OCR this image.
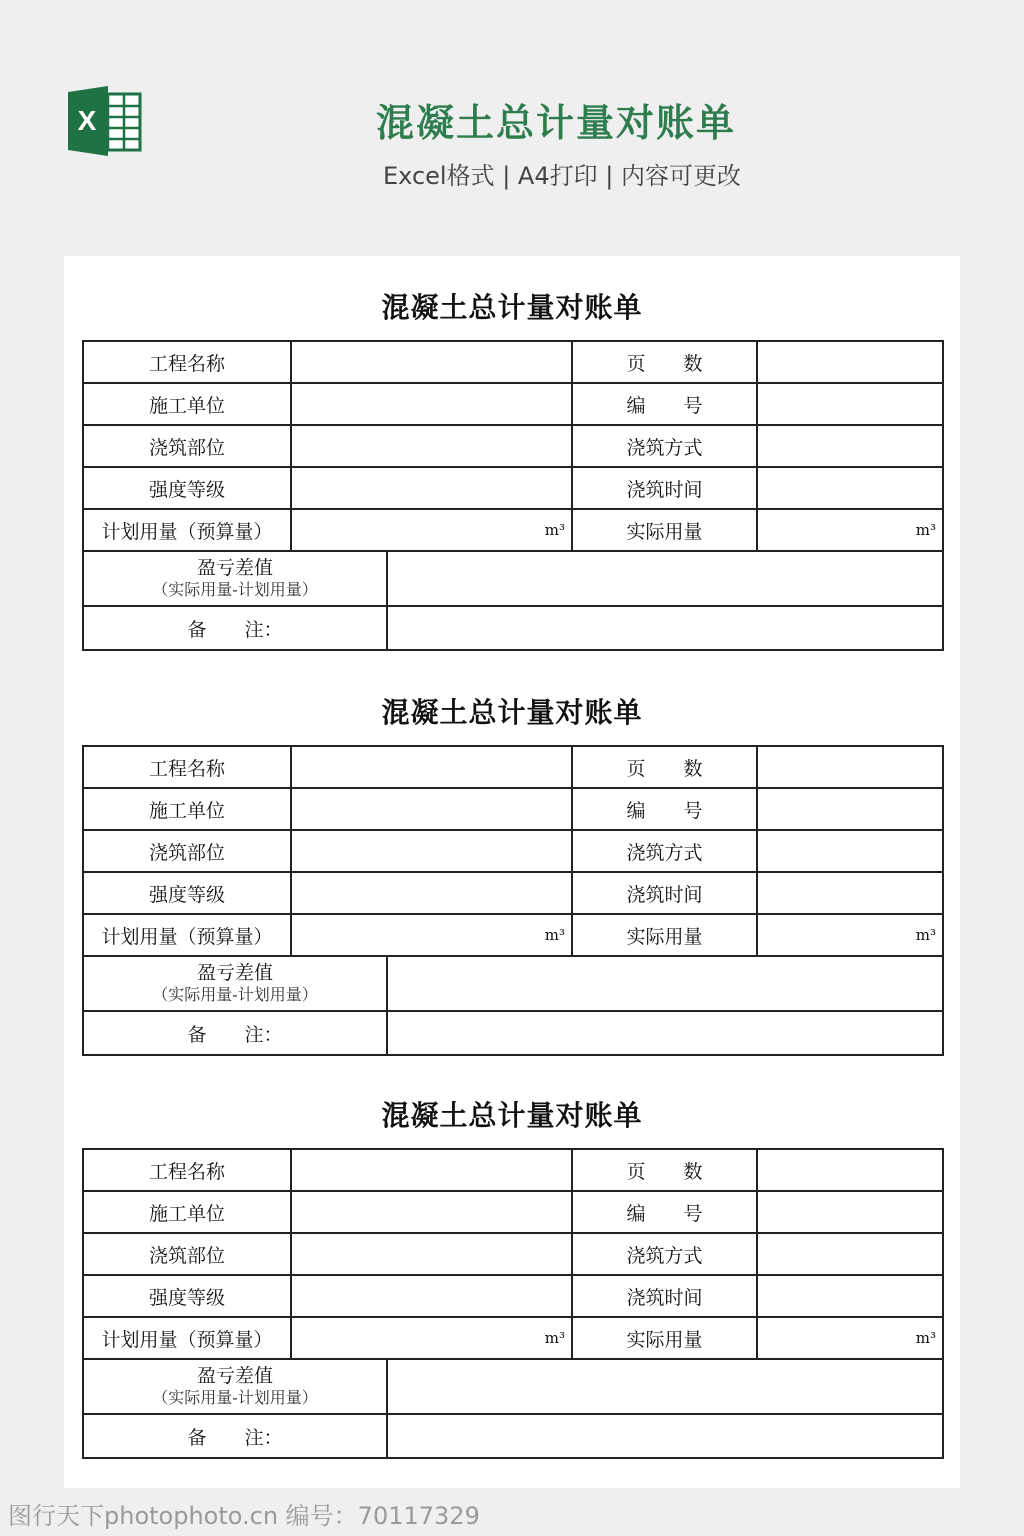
X	混凝土总计量对账单
Excel格式 | A4打印 | 内容可更改
混凝土总计量对账单
工程名称			页　　数	
施工单位			编　　号	
浇筑部位			浇筑方式	
强度等级			浇筑时间	
计划用量（预算量）	m³		实际用量	m³

盈亏差值
（实际用量-计划用量）				

备　　注：				
混凝土总计量对账单
工程名称			页　　数	
施工单位			编　　号	
浇筑部位			浇筑方式	
强度等级			浇筑时间	
计划用量（预算量）	m³		实际用量	m³

盈亏差值
（实际用量-计划用量）				

备　　注：				
混凝土总计量对账单
工程名称			页　　数	
施工单位			编　　号	
浇筑部位			浇筑方式	
强度等级			浇筑时间	
计划用量（预算量）	m³		实际用量	m³

盈亏差值
（实际用量-计划用量）				

备　　注：				
图行天下photophoto.cn 编号：70117329
